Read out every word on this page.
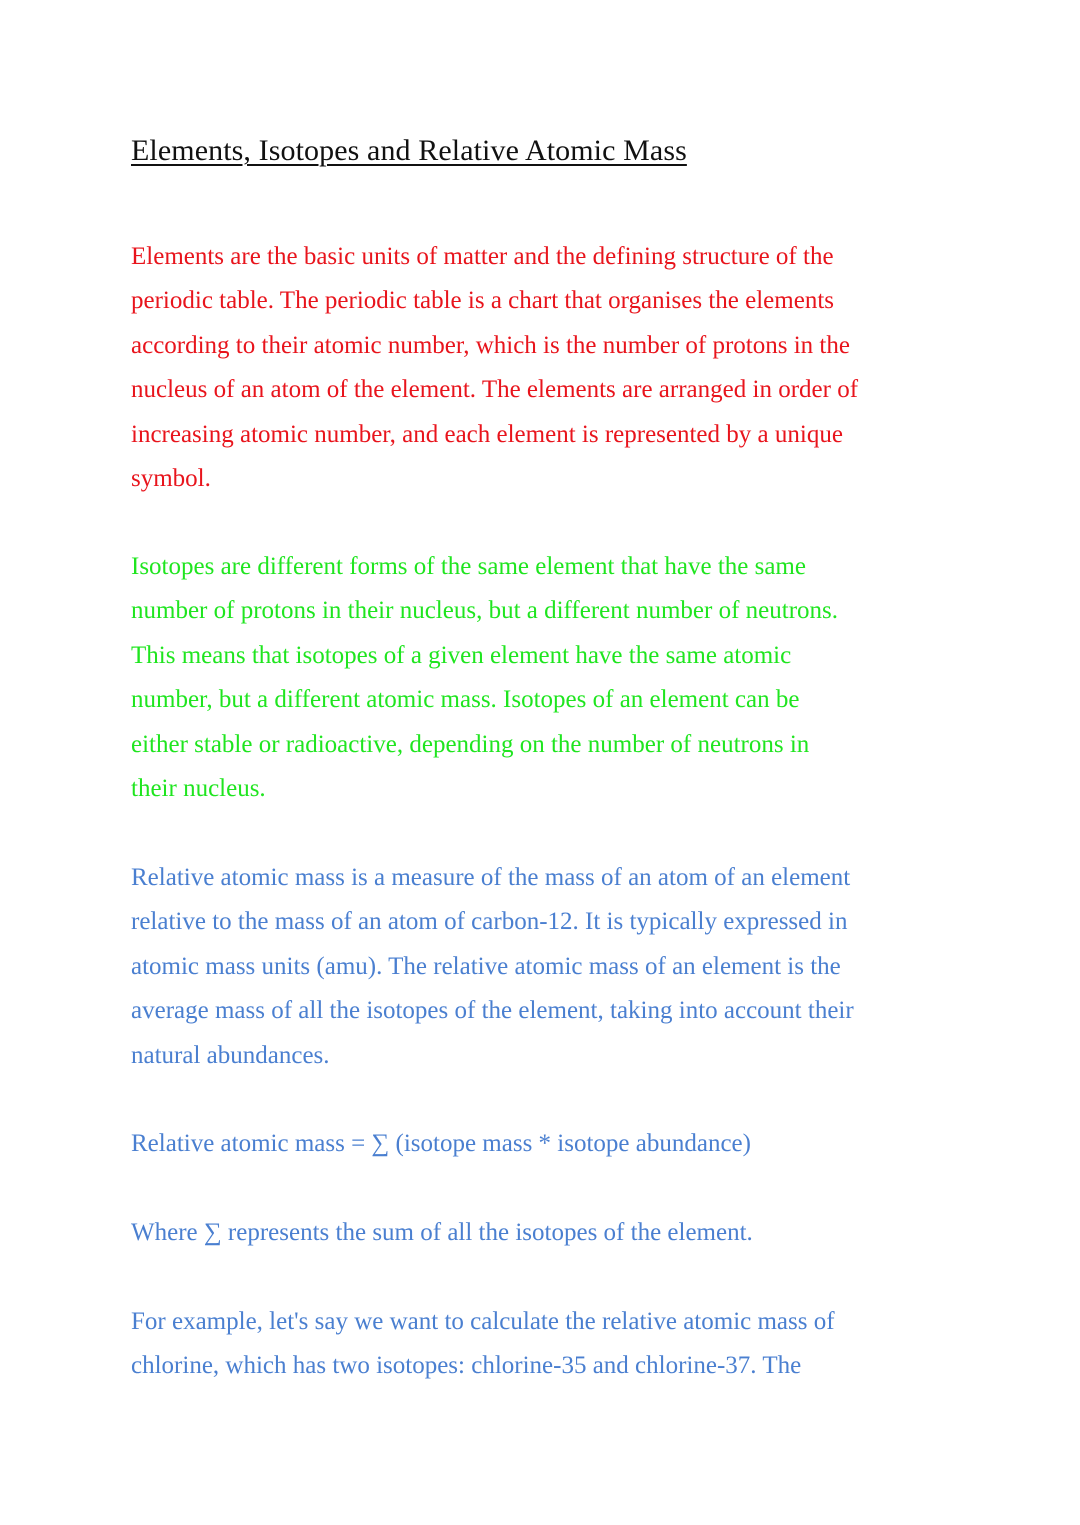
Elements, Isotopes and Relative Atomic Mass

Elements are the basic units of matter and the defining structure of the
periodic table. The periodic table is a chart that organises the elements
according to their atomic number, which is the number of protons in the
nucleus of an atom of the element. The elements are arranged in order of
increasing atomic number, and each element is represented by a unique
symbol.

Isotopes are different forms of the same element that have the same
number of protons in their nucleus, but a different number of neutrons.
This means that isotopes of a given element have the same atomic
number, but a different atomic mass. Isotopes of an element can be
either stable or radioactive, depending on the number of neutrons in
their nucleus.

Relative atomic mass is a measure of the mass of an atom of an element
relative to the mass of an atom of carbon-12. It is typically expressed in
atomic mass units (amu). The relative atomic mass of an element is the
average mass of all the isotopes of the element, taking into account their
natural abundances.

Relative atomic mass = ∑ (isotope mass * isotope abundance)

Where ∑ represents the sum of all the isotopes of the element.

For example, let's say we want to calculate the relative atomic mass of
chlorine, which has two isotopes: chlorine-35 and chlorine-37. The
